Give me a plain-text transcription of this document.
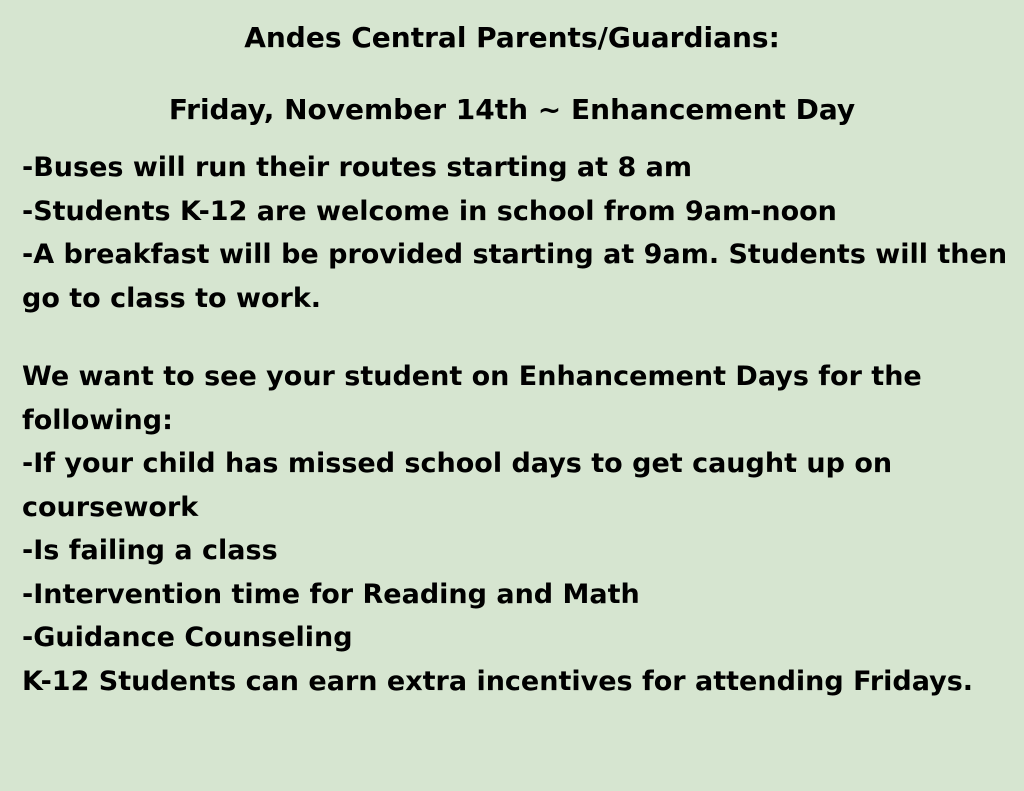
Andes Central Parents/Guardians:
Friday, November 14th ~ Enhancement Day
-Buses will run their routes starting at 8 am
-Students K-12 are welcome in school from 9am-noon
-A breakfast will be provided starting at 9am. Students will then
go to class to work.
We want to see your student on Enhancement Days for the
following:
-If your child has missed school days to get caught up on
coursework
-Is failing a class
-Intervention time for Reading and Math
-Guidance Counseling
K-12 Students can earn extra incentives for attending Fridays.
